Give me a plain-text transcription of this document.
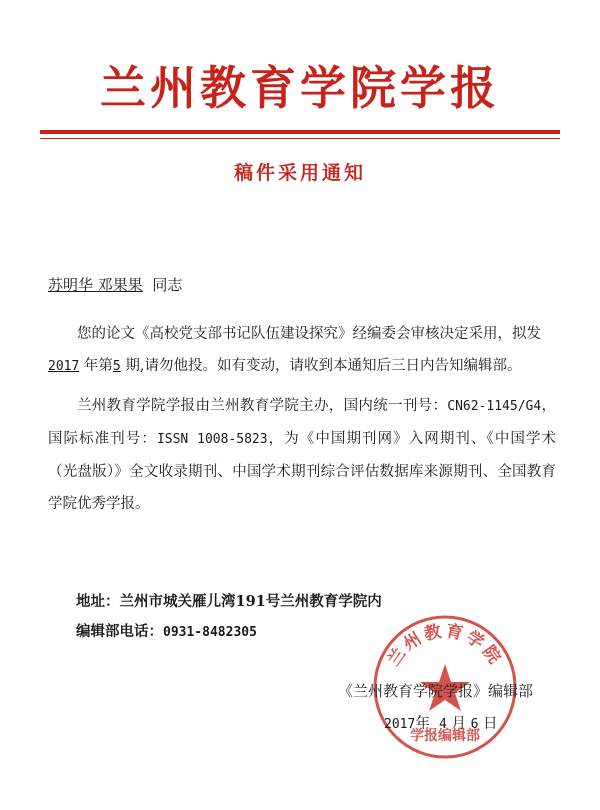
兰州教育学院学报
稿件采用通知
苏明华 邓果果 同志
您的论文《高校党支部书记队伍建设探究》经编委会审核决定采用，拟发
2017 年第5 期,请勿他投。如有变动，请收到本通知后三日内告知编辑部。
兰州教育学院学报由兰州教育学院主办，国内统一刊号：CN62-1145/G4，国际标准刊号：ISSN 1008-5823，为《中国期刊网》入网期刊、《中国学术（光盘版）》全文收录期刊、中国学术期刊综合评估数据库来源期刊、全国教育学院优秀学报。
地址：兰州市城关雁儿湾191号兰州教育学院内
编辑部电话：0931-8482305
兰州教育学院
学报编辑部
《兰州教育学院学报》编辑部
2017年 4 月 6 日
